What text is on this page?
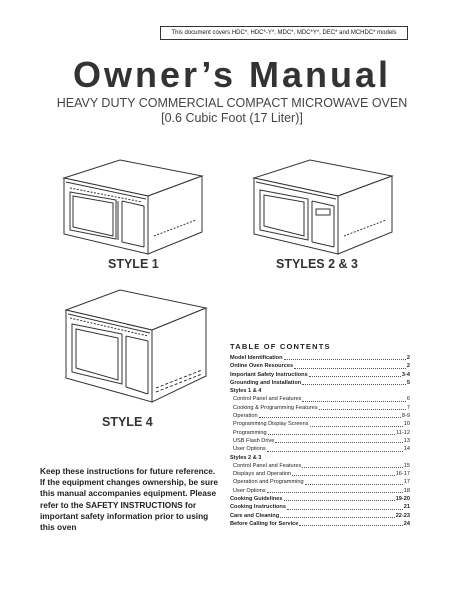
This document covers HDC*, HDC*-Y*, MDC*, MDC*Y*, DEC* and MCHDC* models
Owner’s Manual
HEAVY DUTY COMMERCIAL COMPACT MICROWAVE OVEN
[0.6 Cubic Foot (17 Liter)]
STYLE 1	STYLES 2 & 3
STYLE 4
Keep these instructions for future reference. If the equipment changes ownership, be sure this manual accompanies equipment. Please refer to the SAFETY INSTRUCTIONS for important safety information prior to using this oven
TABLE OF CONTENTS
Model Identification	2
Online Oven Resources	2
Important Safety Instructions	3-4
Grounding and Installation	5
Styles 1 & 4
Control Panel and Features	6
Cooking & Programming Features	7
Operation	8-9
Programming Display Screens	10
Programming	11-12
USB Flash Drive	13
User Options	14
Styles 2 & 3
Control Panel and Features	15
Displays and Operation	16-17
Operation and Programming	17
User Options	18
Cooking Guidelines	19-20
Cooking Instructions	21
Care and Cleaning	22-23
Before Calling for Service	24
